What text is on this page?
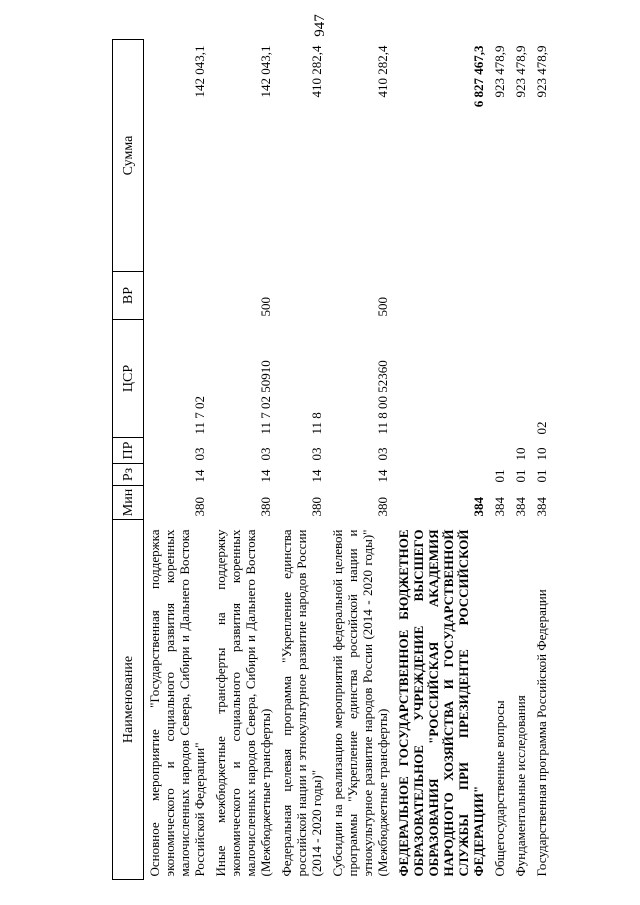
947
Наименование	Мин	Рз	ПР	ЦСР	ВР	Сумма
Основное мероприятие "Государственная поддержка экономического и социального развития коренных малочисленных народов Севера, Сибири и Дальнего Востока Российской Федерации"	380	14	03	11 7 02		142 043,1
Иные межбюджетные трансферты на поддержку экономического и социального развития коренных малочисленных народов Севера, Сибири и Дальнего Востока (Межбюджетные трансферты)	380	14	03	11 7 02 50910	500	142 043,1
Федеральная целевая программа "Укрепление единства российской нации и этнокультурное развитие народов России (2014 - 2020 годы)"	380	14	03	11 8		410 282,4
Субсидии на реализацию мероприятий федеральной целевой программы "Укрепление единства российской нации и этнокультурное развитие народов России (2014 - 2020 годы)" (Межбюджетные трансферты)	380	14	03	11 8 00 52360	500	410 282,4
ФЕДЕРАЛЬНОЕ ГОСУДАРСТВЕННОЕ БЮДЖЕТНОЕ ОБРАЗОВАТЕЛЬНОЕ УЧРЕЖДЕНИЕ ВЫСШЕГО ОБРАЗОВАНИЯ "РОССИЙСКАЯ АКАДЕМИЯ НАРОДНОГО ХОЗЯЙСТВА И ГОСУДАРСТВЕННОЙ СЛУЖБЫ ПРИ ПРЕЗИДЕНТЕ РОССИЙСКОЙ ФЕДЕРАЦИИ"	384					6 827 467,3
Общегосударственные вопросы	384	01				923 478,9
Фундаментальные исследования	384	01	10			923 478,9
Государственная программа Российской Федерации	384	01	10	02		923 478,9
